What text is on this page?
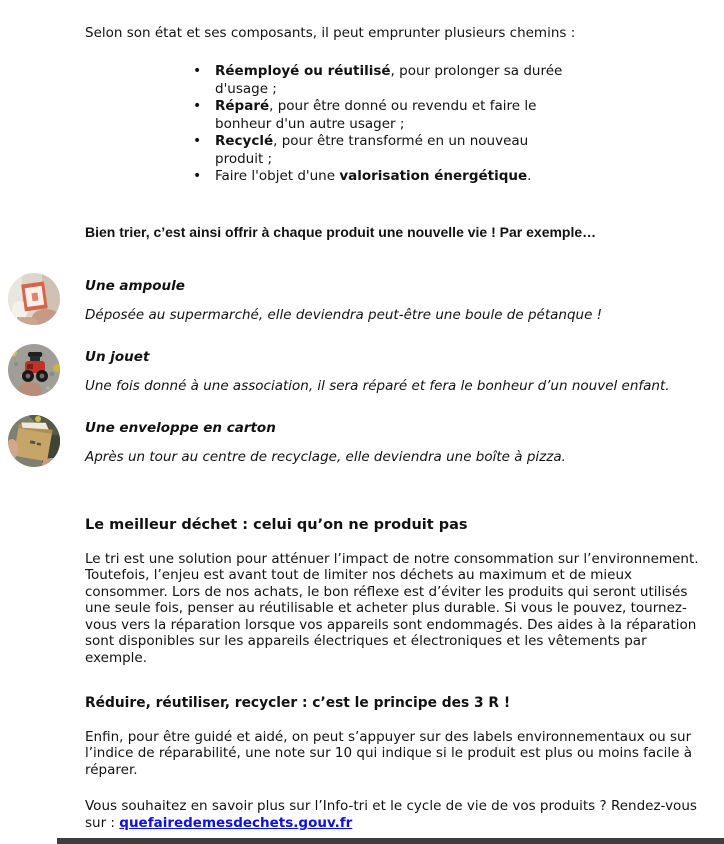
Selon son état et ses composants, il peut emprunter plusieurs chemins :

• Réemployé ou réutilisé, pour prolonger sa durée d'usage ;
• Réparé, pour être donné ou revendu et faire le bonheur d'un autre usager ;
• Recyclé, pour être transformé en un nouveau produit ;
• Faire l'objet d'une valorisation énergétique.

Bien trier, c’est ainsi offrir à chaque produit une nouvelle vie ! Par exemple…

Une ampoule
Déposée au supermarché, elle deviendra peut-être une boule de pétanque !
Un jouet
Une fois donné à une association, il sera réparé et fera le bonheur d’un nouvel enfant.
Une enveloppe en carton
Après un tour au centre de recyclage, elle deviendra une boîte à pizza.
Le meilleur déchet : celui qu’on ne produit pas

Le tri est une solution pour atténuer l’impact de notre consommation sur l’environnement. Toutefois, l’enjeu est avant tout de limiter nos déchets au maximum et de mieux consommer. Lors de nos achats, le bon réflexe est d’éviter les produits qui seront utilisés une seule fois, penser au réutilisable et acheter plus durable. Si vous le pouvez, tournez-vous vers la réparation lorsque vos appareils sont endommagés. Des aides à la réparation sont disponibles sur les appareils électriques et électroniques et les vêtements par exemple.

Réduire, réutiliser, recycler : c’est le principe des 3 R !

Enfin, pour être guidé et aidé, on peut s’appuyer sur des labels environnementaux ou sur l’indice de réparabilité, une note sur 10 qui indique si le produit est plus ou moins facile à réparer.

Vous souhaitez en savoir plus sur l’Info-tri et le cycle de vie de vos produits ? Rendez-vous sur : quefairedemesdechets.gouv.fr
